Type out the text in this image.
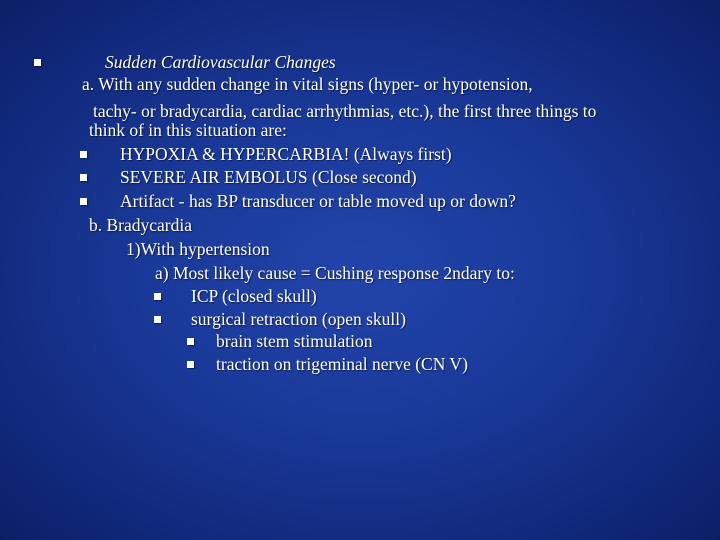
Sudden Cardiovascular Changes
a. With any sudden change in vital signs (hyper- or hypotension,
tachy- or bradycardia, cardiac arrhythmias, etc.), the first three things to
think of in this situation are:
HYPOXIA & HYPERCARBIA! (Always first)
SEVERE AIR EMBOLUS (Close second)
Artifact - has BP transducer or table moved up or down?
b. Bradycardia
1)With hypertension
a) Most likely cause = Cushing response 2ndary to:
ICP (closed skull)
surgical retraction (open skull)
brain stem stimulation
traction on trigeminal nerve (CN V)
